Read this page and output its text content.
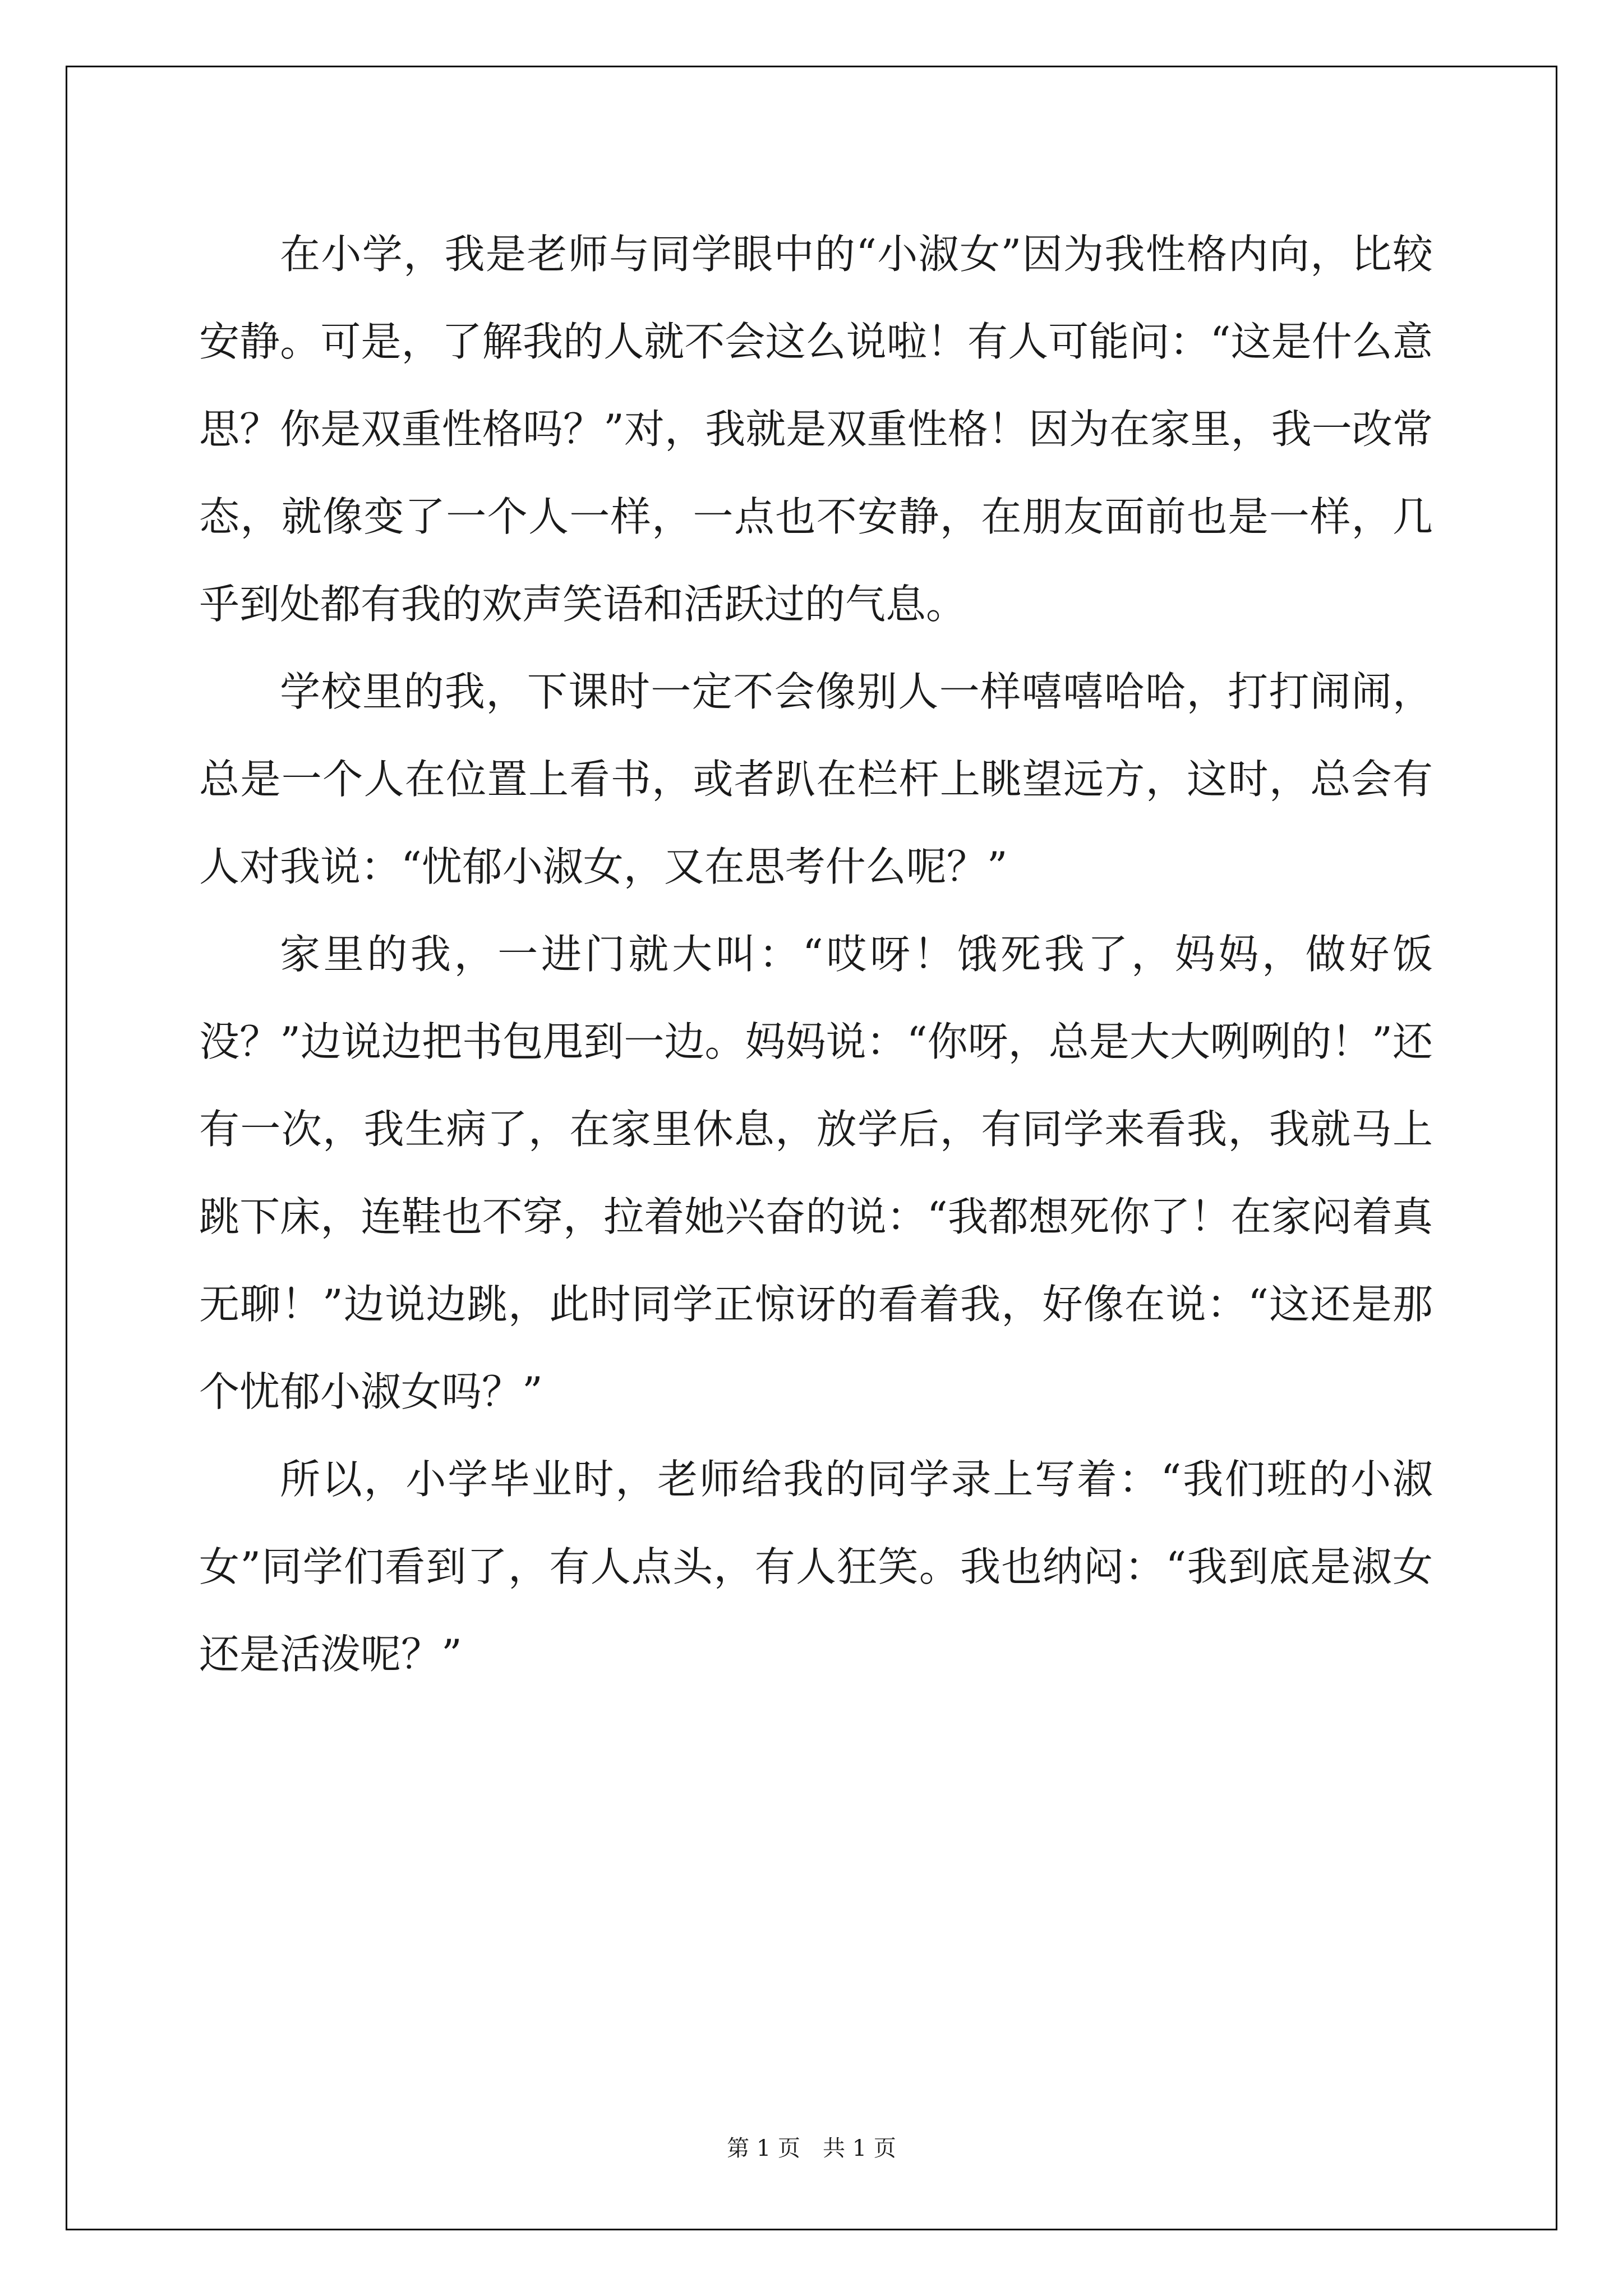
在小学，我是老师与同学眼中的“小淑女”因为我性格内向，比较安静。可是，了解我的人就不会这么说啦！有人可能问：“这是什么意思？你是双重性格吗？”对，我就是双重性格！因为在家里，我一改常态，就像变了一个人一样，一点也不安静，在朋友面前也是一样，几乎到处都有我的欢声笑语和活跃过的气息。

学校里的我，下课时一定不会像别人一样嘻嘻哈哈，打打闹闹，总是一个人在位置上看书，或者趴在栏杆上眺望远方，这时，总会有人对我说：“忧郁小淑女，又在思考什么呢？”

家里的我，一进门就大叫：“哎呀！饿死我了，妈妈，做好饭没？”边说边把书包甩到一边。妈妈说：“你呀，总是大大咧咧的！”还有一次，我生病了，在家里休息，放学后，有同学来看我，我就马上跳下床，连鞋也不穿，拉着她兴奋的说：“我都想死你了！在家闷着真无聊！”边说边跳，此时同学正惊讶的看着我，好像在说：“这还是那个忧郁小淑女吗？”

所以，小学毕业时，老师给我的同学录上写着：“我们班的小淑女”同学们看到了，有人点头，有人狂笑。我也纳闷：“我到底是淑女还是活泼呢？”

第 1 页 共 1 页
